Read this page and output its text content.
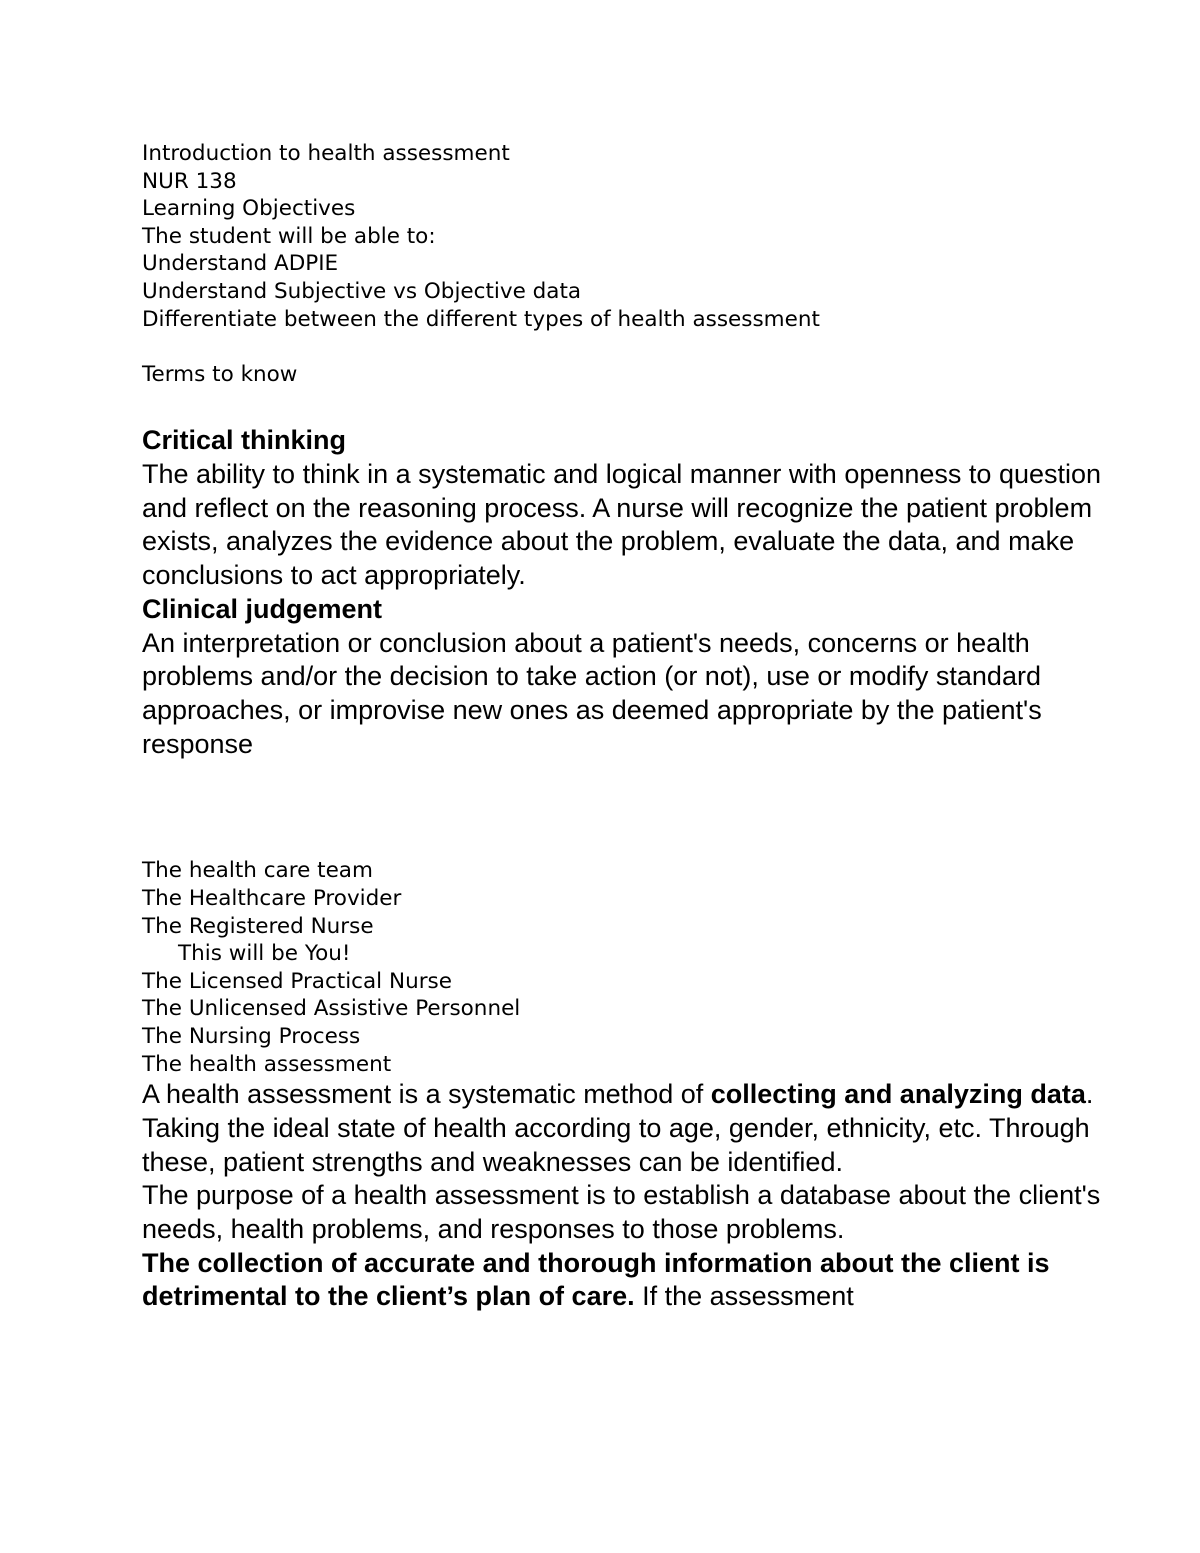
Introduction to health assessment
NUR 138
Learning Objectives
The student will be able to:
Understand ADPIE
Understand Subjective vs Objective data
Differentiate between the different types of health assessment
Terms to know
Critical thinking

The ability to think in a systematic and logical manner with openness to question and reflect on the reasoning process. A nurse will recognize the patient problem exists, analyzes the evidence about the problem, evaluate the data, and make conclusions to act appropriately.

Clinical judgement

An interpretation or conclusion about a patient's needs, concerns or health problems and/or the decision to take action (or not), use or modify standard approaches, or improvise new ones as deemed appropriate by the patient's response

The health care team
The Healthcare Provider
The Registered Nurse
This will be You!
The Licensed Practical Nurse
The Unlicensed Assistive Personnel
The Nursing Process
The health assessment

A health assessment is a systematic method of collecting and analyzing data.

Taking the ideal state of health according to age, gender, ethnicity, etc. Through these, patient strengths and weaknesses can be identified.

The purpose of a health assessment is to establish a database about the client's needs, health problems, and responses to those problems.

The collection of accurate and thorough information about the client is detrimental to the client’s plan of care. If the assessment
